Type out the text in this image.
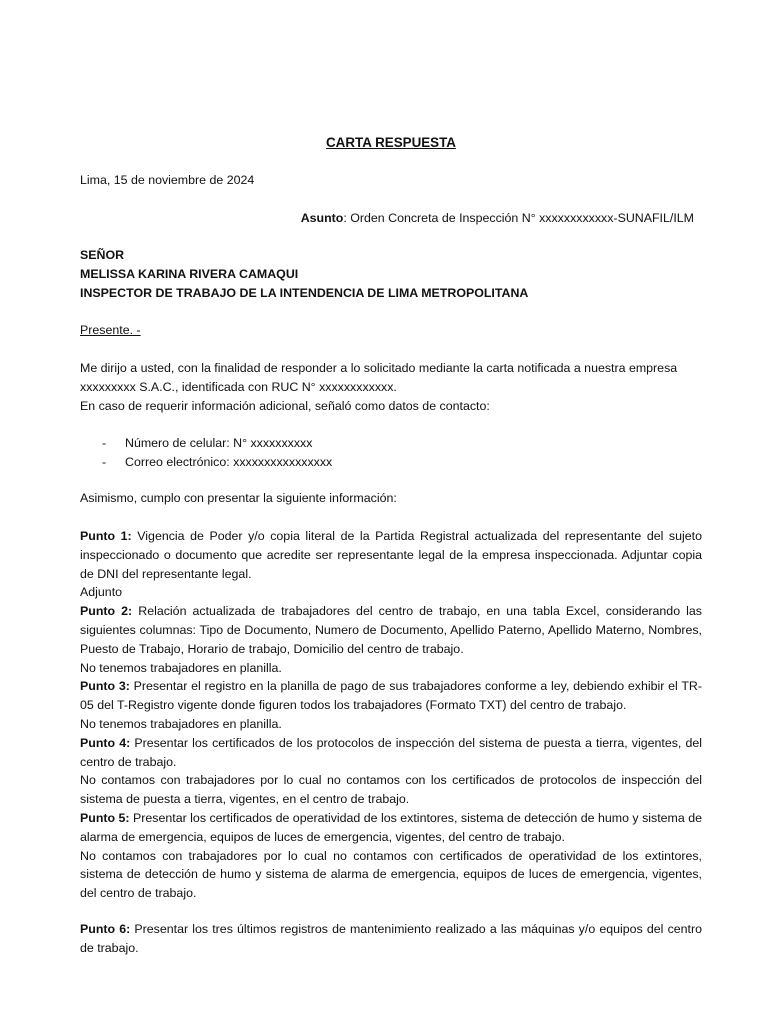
CARTA RESPUESTA
Lima, 15 de noviembre de 2024
Asunto: Orden Concreta de Inspección N° xxxxxxxxxxxx-SUNAFIL/ILM
SEÑOR
MELISSA KARINA RIVERA CAMAQUI
INSPECTOR DE TRABAJO DE LA INTENDENCIA DE LIMA METROPOLITANA
Presente. -
Me dirijo a usted, con la finalidad de responder a lo solicitado mediante la carta notificada a nuestra empresa xxxxxxxxx S.A.C., identificada con RUC N° xxxxxxxxxxxx.
En caso de requerir información adicional, señaló como datos de contacto:
- Número de celular: N° xxxxxxxxxx
- Correo electrónico: xxxxxxxxxxxxxxxx
Asimismo, cumplo con presentar la siguiente información:

Punto 1: Vigencia de Poder y/o copia literal de la Partida Registral actualizada del representante del sujeto inspeccionado o documento que acredite ser representante legal de la empresa inspeccionada. Adjuntar copia de DNI del representante legal.

Adjunto

Punto 2: Relación actualizada de trabajadores del centro de trabajo, en una tabla Excel, considerando las siguientes columnas: Tipo de Documento, Numero de Documento, Apellido Paterno, Apellido Materno, Nombres, Puesto de Trabajo, Horario de trabajo, Domicilio del centro de trabajo.

No tenemos trabajadores en planilla.

Punto 3: Presentar el registro en la planilla de pago de sus trabajadores conforme a ley, debiendo exhibir el TR- 05 del T-Registro vigente donde figuren todos los trabajadores (Formato TXT) del centro de trabajo.

No tenemos trabajadores en planilla.

Punto 4: Presentar los certificados de los protocolos de inspección del sistema de puesta a tierra, vigentes, del centro de trabajo.

No contamos con trabajadores por lo cual no contamos con los certificados de protocolos de inspección del sistema de puesta a tierra, vigentes, en el centro de trabajo.

Punto 5: Presentar los certificados de operatividad de los extintores, sistema de detección de humo y sistema de alarma de emergencia, equipos de luces de emergencia, vigentes, del centro de trabajo.

No contamos con trabajadores por lo cual no contamos con certificados de operatividad de los extintores, sistema de detección de humo y sistema de alarma de emergencia, equipos de luces de emergencia, vigentes, del centro de trabajo.

Punto 6: Presentar los tres últimos registros de mantenimiento realizado a las máquinas y/o equipos del centro de trabajo.
